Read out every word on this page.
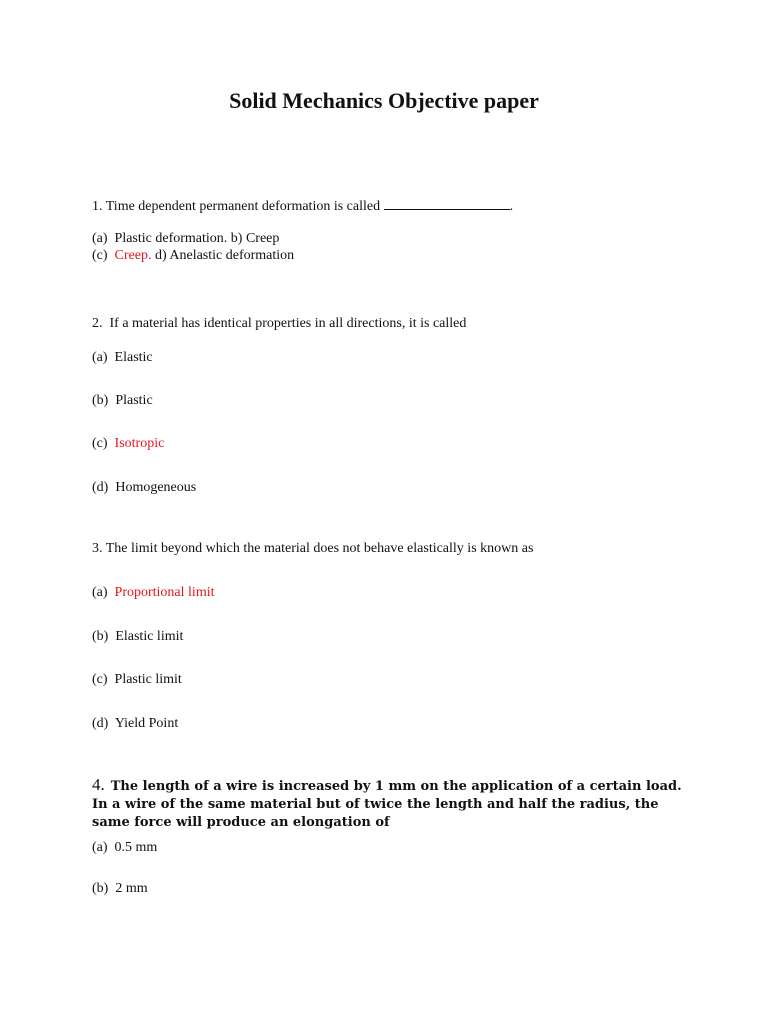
Solid Mechanics Objective paper
1. Time dependent permanent deformation is called	.
(a)  Plastic deformation. b) Creep
(c)  Creep. d) Anelastic deformation
2.  If a material has identical properties in all directions, it is called
(a)  Elastic
(b)  Plastic
(c)  Isotropic
(d)  Homogeneous
3. The limit beyond which the material does not behave elastically is known as
(a)  Proportional limit
(b)  Elastic limit
(c)  Plastic limit
(d)  Yield Point
4. The length of a wire is increased by 1 mm on the application of a certain load. In a wire of the same material but of twice the length and half the radius, the same force will produce an elongation of
(a)  0.5 mm
(b)  2 mm
